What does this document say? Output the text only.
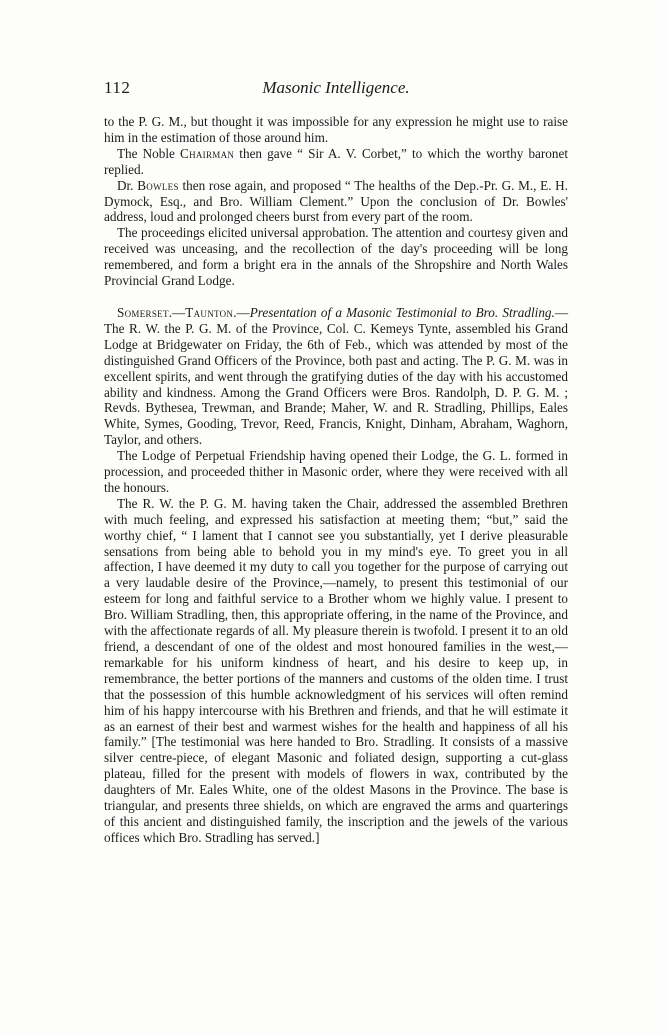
112	Masonic Intelligence.

to the P. G. M., but thought it was impossible for any expression he might use to raise him in the estimation of those around him.

The Noble Chairman then gave “ Sir A. V. Corbet,” to which the worthy baronet replied.

Dr. Bowles then rose again, and proposed “ The healths of the Dep.-Pr. G. M., E. H. Dymock, Esq., and Bro. William Clement.” Upon the conclusion of Dr. Bowles' address, loud and prolonged cheers burst from every part of the room.

The proceedings elicited universal approbation. The attention and courtesy given and received was unceasing, and the recollection of the day's proceeding will be long remembered, and form a bright era in the annals of the Shropshire and North Wales Provincial Grand Lodge.

Somerset.—Taunton.—Presentation of a Masonic Testimonial to Bro. Stradling.—The R. W. the P. G. M. of the Province, Col. C. Kemeys Tynte, assembled his Grand Lodge at Bridgewater on Friday, the 6th of Feb., which was attended by most of the distinguished Grand Officers of the Province, both past and acting. The P. G. M. was in excellent spirits, and went through the gratifying duties of the day with his accustomed ability and kindness. Among the Grand Officers were Bros. Randolph, D. P. G. M. ; Revds. Bythesea, Trewman, and Brande; Maher, W. and R. Stradling, Phillips, Eales White, Symes, Gooding, Trevor, Reed, Francis, Knight, Dinham, Abraham, Waghorn, Taylor, and others.

The Lodge of Perpetual Friendship having opened their Lodge, the G. L. formed in procession, and proceeded thither in Masonic order, where they were received with all the honours.

The R. W. the P. G. M. having taken the Chair, addressed the assembled Brethren with much feeling, and expressed his satisfaction at meeting them; “but,” said the worthy chief, “ I lament that I cannot see you substantially, yet I derive pleasurable sensations from being able to behold you in my mind's eye. To greet you in all affection, I have deemed it my duty to call you together for the purpose of carrying out a very laudable desire of the Province,—namely, to present this testimonial of our esteem for long and faithful service to a Brother whom we highly value. I present to Bro. William Stradling, then, this appropriate offering, in the name of the Province, and with the affectionate regards of all. My pleasure therein is twofold. I present it to an old friend, a descendant of one of the oldest and most honoured families in the west,—remarkable for his uniform kindness of heart, and his desire to keep up, in remembrance, the better portions of the manners and customs of the olden time. I trust that the possession of this humble acknowledgment of his services will often remind him of his happy intercourse with his Brethren and friends, and that he will estimate it as an earnest of their best and warmest wishes for the health and happiness of all his family.” [The testimonial was here handed to Bro. Stradling. It consists of a massive silver centre-piece, of elegant Masonic and foliated design, supporting a cut-glass plateau, filled for the present with models of flowers in wax, contributed by the daughters of Mr. Eales White, one of the oldest Masons in the Province. The base is triangular, and presents three shields, on which are engraved the arms and quarterings of this ancient and distinguished family, the inscription and the jewels of the various offices which Bro. Stradling has served.]
